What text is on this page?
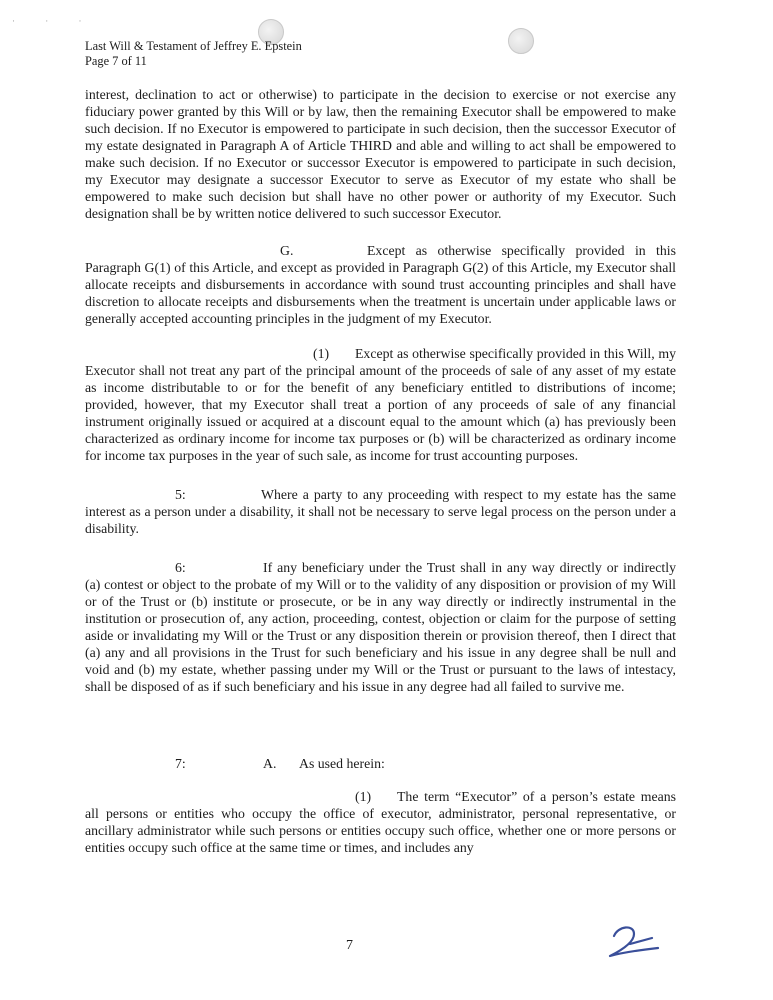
· · ·
Last Will & Testament of Jeffrey E. Epstein
Page 7 of 11

interest, declination to act or otherwise) to participate in the decision to exercise or not exercise any fiduciary power granted by this Will or by law, then the remaining Executor shall be empowered to make such decision. If no Executor is empowered to participate in such decision, then the successor Executor of my estate designated in Paragraph A of Article THIRD and able and willing to act shall be empowered to make such decision. If no Executor or successor Executor is empowered to participate in such decision, my Executor may designate a successor Executor to serve as Executor of my estate who shall be empowered to make such decision but shall have no other power or authority of my Executor. Such designation shall be by written notice delivered to such successor Executor.

G.	Except as otherwise specifically provided in this Paragraph G(1) of this Article, and except as provided in Paragraph G(2) of this Article, my Executor shall allocate receipts and disbursements in accordance with sound trust accounting principles and shall have discretion to allocate receipts and disbursements when the treatment is uncertain under applicable laws or generally accepted accounting principles in the judgment of my Executor.

(1) Except as otherwise specifically provided in this Will, my Executor shall not treat any part of the principal amount of the proceeds of sale of any asset of my estate as income distributable to or for the benefit of any beneficiary entitled to distributions of income; provided, however, that my Executor shall treat a portion of any proceeds of sale of any financial instrument originally issued or acquired at a discount equal to the amount which (a) has previously been characterized as ordinary income for income tax purposes or (b) will be characterized as ordinary income for income tax purposes in the year of such sale, as income for trust accounting purposes.

5:	Where a party to any proceeding with respect to my estate has the same interest as a person under a disability, it shall not be necessary to serve legal process on the person under a disability.

6:	If any beneficiary under the Trust shall in any way directly or indirectly (a) contest or object to the probate of my Will or to the validity of any disposition or provision of my Will or of the Trust or (b) institute or prosecute, or be in any way directly or indirectly instrumental in the institution or prosecution of, any action, proceeding, contest, objection or claim for the purpose of setting aside or invalidating my Will or the Trust or any disposition therein or provision thereof, then I direct that (a) any and all provisions in the Trust for such beneficiary and his issue in any degree shall be null and void and (b) my estate, whether passing under my Will or the Trust or pursuant to the laws of intestacy, shall be disposed of as if such beneficiary and his issue in any degree had all failed to survive me.

7:	A. As used herein:

(1) The term “Executor” of a person’s estate means all persons or entities who occupy the office of executor, administrator, personal representative, or ancillary administrator while such persons or entities occupy such office, whether one or more persons or entities occupy such office at the same time or times, and includes any

7
